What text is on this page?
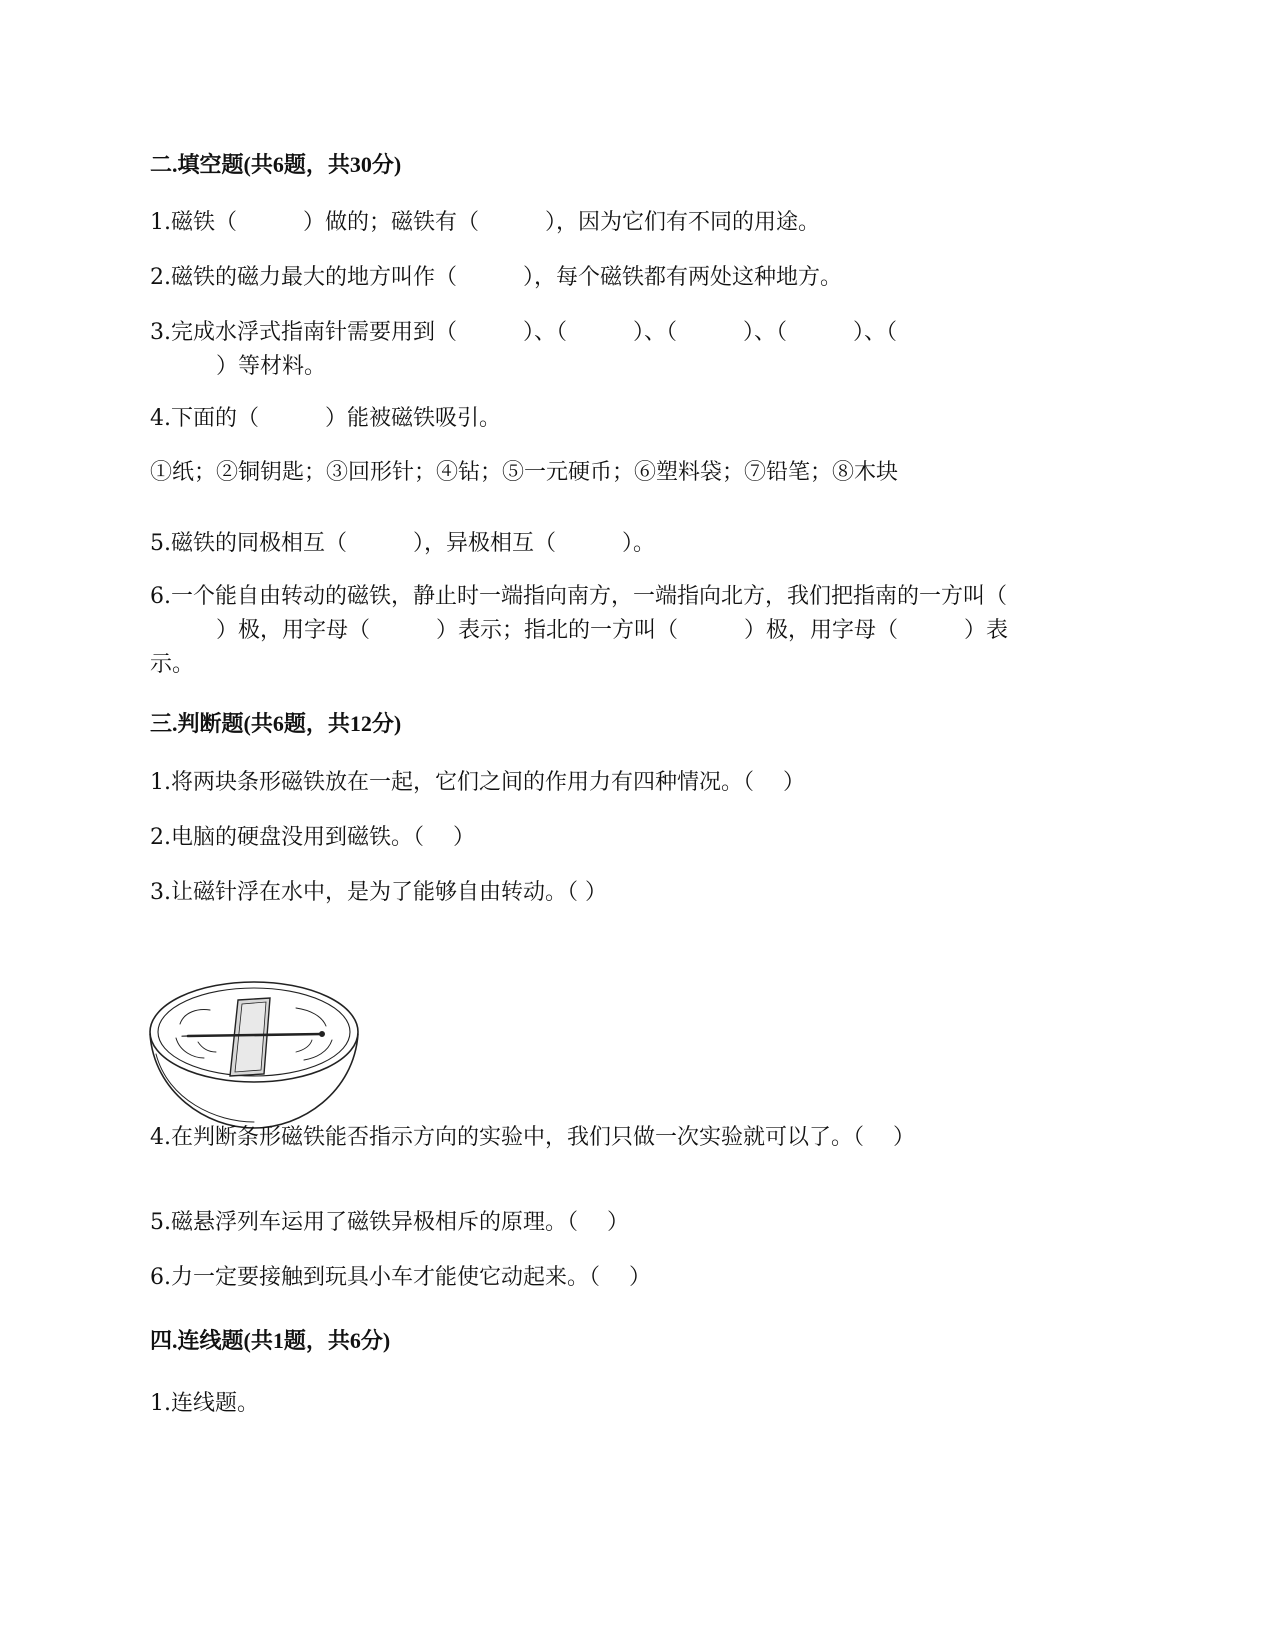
二.填空题(共6题，共30分)
1.磁铁（　　　）做的；磁铁有（　　　），因为它们有不同的用途。
2.磁铁的磁力最大的地方叫作（　　　），每个磁铁都有两处这种地方。
3.完成水浮式指南针需要用到（　　　）、（　　　）、（　　　）、（　　　）、（
　　　）等材料。
4.下面的（　　　）能被磁铁吸引。
①纸；②铜钥匙；③回形针；④钻；⑤一元硬币；⑥塑料袋；⑦铅笔；⑧木块
5.磁铁的同极相互（　　　），异极相互（　　　）。
6.一个能自由转动的磁铁，静止时一端指向南方，一端指向北方，我们把指南的一方叫（
　　　）极，用字母（　　　）表示；指北的一方叫（　　　）极，用字母（　　　）表
示。
三.判断题(共6题，共12分)
1.将两块条形磁铁放在一起，它们之间的作用力有四种情况。（　 ）
2.电脑的硬盘没用到磁铁。（　 ）
3.让磁针浮在水中，是为了能够自由转动。（ ）
4.在判断条形磁铁能否指示方向的实验中，我们只做一次实验就可以了。（　 ）
5.磁悬浮列车运用了磁铁异极相斥的原理。（　 ）
6.力一定要接触到玩具小车才能使它动起来。（　 ）
四.连线题(共1题，共6分)
1.连线题。
